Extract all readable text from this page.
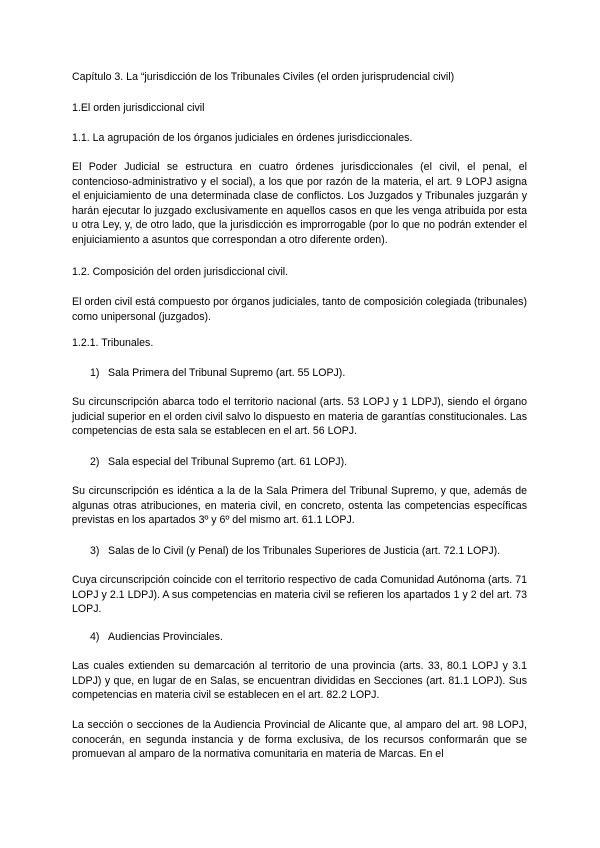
Capítulo 3. La “jurisdicción de los Tribunales Civiles (el orden jurisprudencial civil)

1.El orden jurisdiccional civil

1.1. La agrupación de los órganos judiciales en órdenes jurisdiccionales.

El Poder Judicial se estructura en cuatro órdenes jurisdiccionales (el civil, el penal, el contencioso-administrativo y el social), a los que por razón de la materia, el art. 9 LOPJ asigna el enjuiciamiento de una determinada clase de conflictos. Los Juzgados y Tribunales juzgarán y harán ejecutar lo juzgado exclusivamente en aquellos casos en que les venga atribuida por esta u otra Ley, y, de otro lado, que la jurisdicción es improrrogable (por lo que no podrán extender el enjuiciamiento a asuntos que correspondan a otro diferente orden).

1.2. Composición del orden jurisdiccional civil.

El orden civil está compuesto por órganos judiciales, tanto de composición colegiada (tribunales) como unipersonal (juzgados).

1.2.1. Tribunales.

1) Sala Primera del Tribunal Supremo (art. 55 LOPJ).

Su circunscripción abarca todo el territorio nacional (arts. 53 LOPJ y 1 LDPJ), siendo el órgano judicial superior en el orden civil salvo lo dispuesto en materia de garantías constitucionales. Las competencias de esta sala se establecen en el art. 56 LOPJ.

2) Sala especial del Tribunal Supremo (art. 61 LOPJ).

Su circunscripción es idéntica a la de la Sala Primera del Tribunal Supremo, y que, además de algunas otras atribuciones, en materia civil, en concreto, ostenta las competencias específicas previstas en los apartados 3º y 6º del mismo art. 61.1 LOPJ.

3) Salas de lo Civil (y Penal) de los Tribunales Superiores de Justicia (art. 72.1 LOPJ).

Cuya circunscripción coincide con el territorio respectivo de cada Comunidad Autónoma (arts. 71 LOPJ y 2.1 LDPJ). A sus competencias en materia civil se refieren los apartados 1 y 2 del art. 73 LOPJ.

4) Audiencias Provinciales.

Las cuales extienden su demarcación al territorio de una provincia (arts. 33, 80.1 LOPJ y 3.1 LDPJ) y que, en lugar de en Salas, se encuentran divididas en Secciones (art. 81.1 LOPJ). Sus competencias en materia civil se establecen en el art. 82.2 LOPJ.

La sección o secciones de la Audiencia Provincial de Alicante que, al amparo del art. 98 LOPJ, conocerán, en segunda instancia y de forma exclusiva, de los recursos conformarán que se promuevan al amparo de la normativa comunitaria en materia de Marcas. En el
